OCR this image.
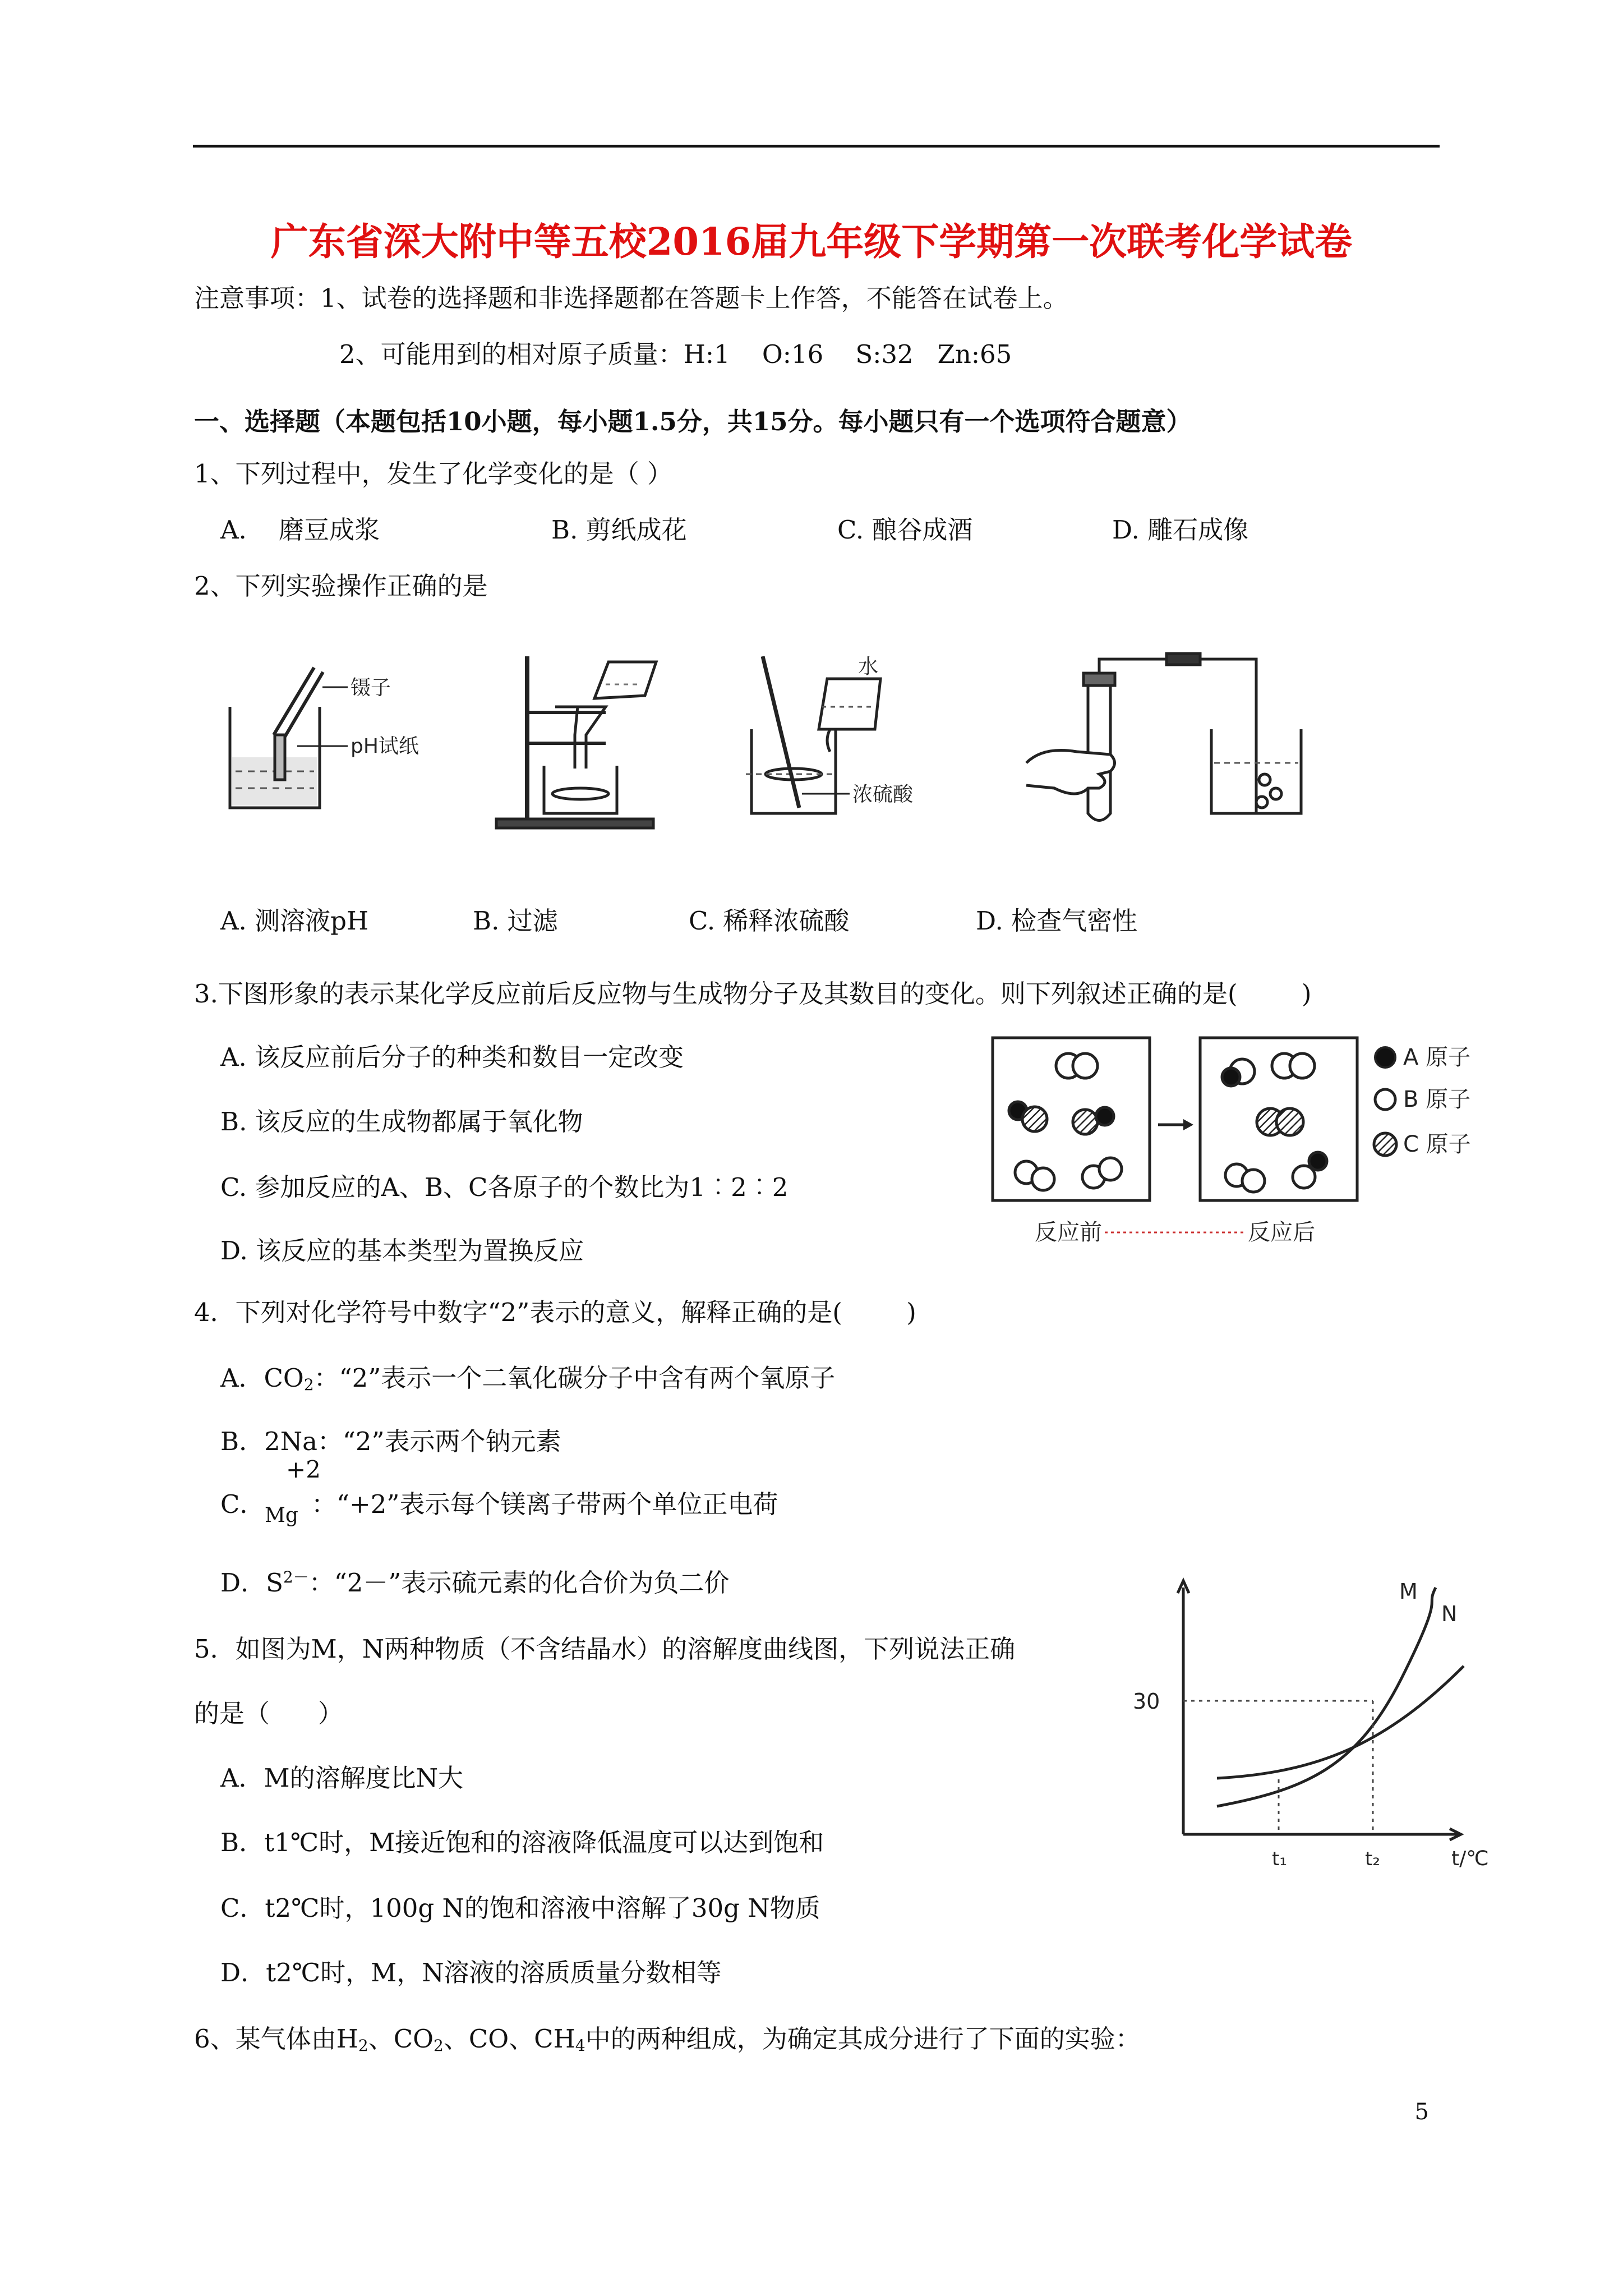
广东省深大附中等五校2016届九年级下学期第一次联考化学试卷
注意事项：1、试卷的选择题和非选择题都在答题卡上作答，不能答在试卷上。
2、可能用到的相对原子质量：H:1    O:16    S:32   Zn:65
一、选择题（本题包括10小题，每小题1.5分，共15分。每小题只有一个选项符合题意）
1、下列过程中，发生了化学变化的是（ ）
A.    磨豆成浆	B. 剪纸成花	C. 酿谷成酒	D. 雕石成像
2、下列实验操作正确的是
镊子
pH试纸
水
浓硫酸
A. 测溶液pH	B. 过滤	C. 稀释浓硫酸	D. 检查气密性
3.下图形象的表示某化学反应前后反应物与生成物分子及其数目的变化。则下列叙述正确的是(        )
A. 该反应前后分子的种类和数目一定改变
B. 该反应的生成物都属于氧化物
C. 参加反应的A、B、C各原子的个数比为1︰2︰2
D. 该反应的基本类型为置换反应
反应前	反应后
A 原子
B 原子
C 原子
4．下列对化学符号中数字“2”表示的意义，解释正确的是(        )
A．$CO_2$：“2”表示一个二氧化碳分子中含有两个氧原子
B．2Na：“2”表示两个钠元素
+2
C． Mg ：“+2”表示每个镁离子带两个单位正电荷
D．$S^{2-}$：“2－”表示硫元素的化合价为负二价
5．如图为M，N两种物质（不含结晶水）的溶解度曲线图，下列说法正确
的是（      ）
A．M的溶解度比N大
B．t1℃时，M接近饱和的溶液降低温度可以达到饱和
C．t2℃时，100g N的饱和溶液中溶解了30g N物质
D．t2℃时，M，N溶液的溶质质量分数相等
30
t₁	t₂	t/℃
M
N
6、某气体由$H_2$、$CO_2$、CO、$CH_4$中的两种组成，为确定其成分进行了下面的实验：
5
